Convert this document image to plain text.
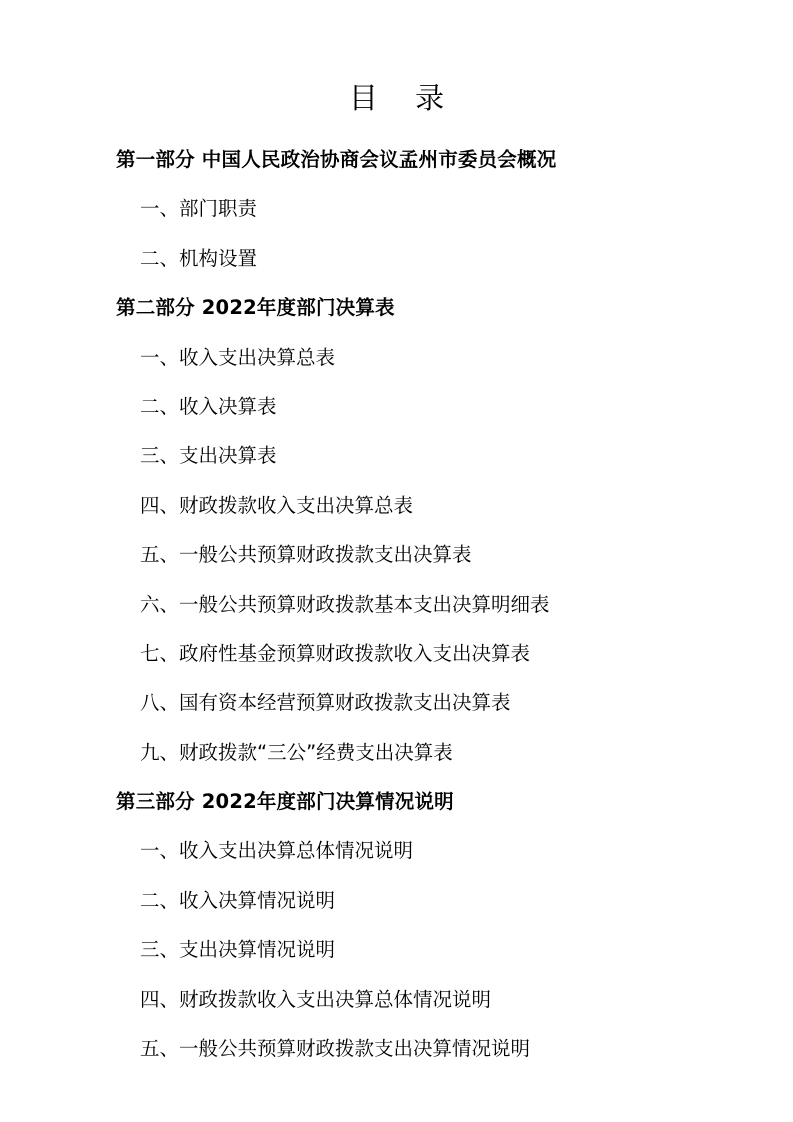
目 录
第一部分 中国人民政治协商会议孟州市委员会概况
一、部门职责
二、机构设置
第二部分 2022年度部门决算表
一、收入支出决算总表
二、收入决算表
三、支出决算表
四、财政拨款收入支出决算总表
五、一般公共预算财政拨款支出决算表
六、一般公共预算财政拨款基本支出决算明细表
七、政府性基金预算财政拨款收入支出决算表
八、国有资本经营预算财政拨款支出决算表
九、财政拨款“三公”经费支出决算表
第三部分 2022年度部门决算情况说明
一、收入支出决算总体情况说明
二、收入决算情况说明
三、支出决算情况说明
四、财政拨款收入支出决算总体情况说明
五、一般公共预算财政拨款支出决算情况说明
